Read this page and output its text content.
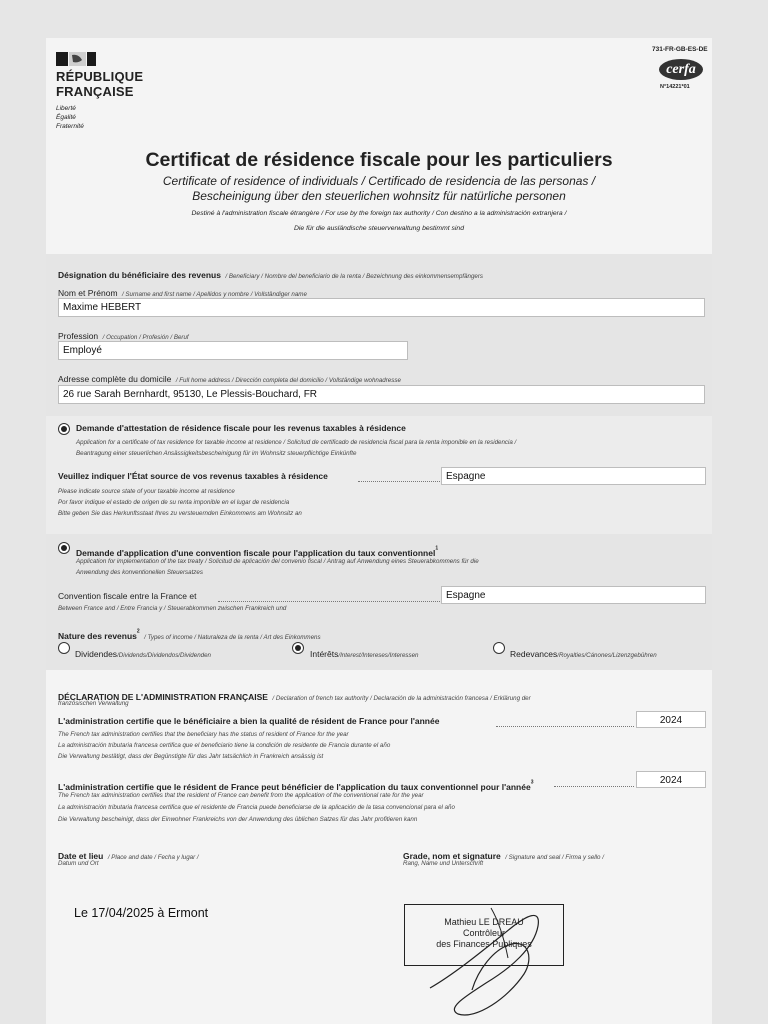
RÉPUBLIQUE
FRANÇAISE
Liberté
Égalité
Fraternité
731-FR-GB-ES-DE
cerfa
N°14221*01
Certificat de résidence fiscale pour les particuliers
Certificate of residence of individuals / Certificado de residencia de las personas /
Bescheinigung über den steuerlichen wohnsitz für natürliche personen
Destiné à l'administration fiscale étrangère / For use by the foreign tax authority / Con destino a la administración extranjera /
Die für die ausländische steuerverwaltung bestimmt sind
Désignation du bénéficiaire des revenus / Beneficiary / Nombre del beneficiario de la renta / Bezeichnung des einkommensempfängers
Nom et Prénom / Surname and first name / Apellidos y nombre / Vollständiger name
Maxime HEBERT
Profession / Occupation / Profesión / Beruf
Employé
Adresse complète du domicile / Full home address / Dirección completa del domicilio / Vollständige wohnadresse
26 rue Sarah Bernhardt, 95130, Le Plessis-Bouchard, FR
Demande d'attestation de résidence fiscale pour les revenus taxables à résidence
Application for a certificate of tax residence for taxable income at residence / Solicitud de certificado de residencia fiscal para la renta imponible en la residencia /
Beantragung einer steuerlichen Ansässigkeitsbescheinigung für im Wohnsitz steuerpflichtige Einkünfte
Veuillez indiquer l'État source de vos revenus taxables à résidence	Espagne
Please indicate source state of your taxable income at residence
Por favor indique el estado de origen de su renta imponible en el lugar de residencia
Bitte geben Sie das Herkunftsstaat Ihres zu versteuernden Einkommens am Wohnsitz an
Demande d'application d'une convention fiscale pour l'application du taux conventionnel$^1$
Application for implementation of the tax treaty / Solicitud de aplicación del convenio fiscal / Antrag auf Anwendung eines Steuerabkommens für die
Anwendung des konventionellen Steuersatzes
Convention fiscale entre la France et	Espagne
Between France and / Entre Francia y / Steuerabkommen zwischen Frankreich und
Nature des revenus$^2$ / Types of income / Naturaleza de la renta / Art des Einkommens
Dividendes/Dividends/Dividendos/Dividenden	Intérêts/Interest/Intereses/Interessen	Redevances/Royalties/Cánones/Lizenzgebühren
DÉCLARATION DE L'ADMINISTRATION FRANÇAISE / Declaration of french tax authority / Declaración de la administración francesa / Erklärung der
französischen Verwaltung
L'administration certifie que le bénéficiaire a bien la qualité de résident de France pour l'année	2024
The French tax administration certifies that the beneficiary has the status of resident of France for the year
La administración tributaria francesa certifica que el beneficiario tiene la condición de residente de Francia durante el año
Die Verwaltung bestätigt, dass der Begünstigte für das Jahr tatsächlich in Frankreich ansässig ist
L'administration certifie que le résident de France peut bénéficier de l'application du taux conventionnel pour l'année$^3$	2024
The French tax administration certifies that the resident of France can benefit from the application of the conventional rate for the year
La administración tributaria francesa certifica que el residente de Francia puede beneficiarse de la aplicación de la tasa convencional para el año
Die Verwaltung bescheinigt, dass der Einwohner Frankreichs von der Anwendung des üblichen Satzes für das Jahr profitieren kann
Date et lieu / Place and date / Fecha y lugar /
Datum und Ort
Grade, nom et signature / Signature and seal / Firma y sello /
Rang, Name und Unterschrift
Le 17/04/2025 à Ermont
Mathieu LE DREAU
Contrôleur
des Finances Publiques
